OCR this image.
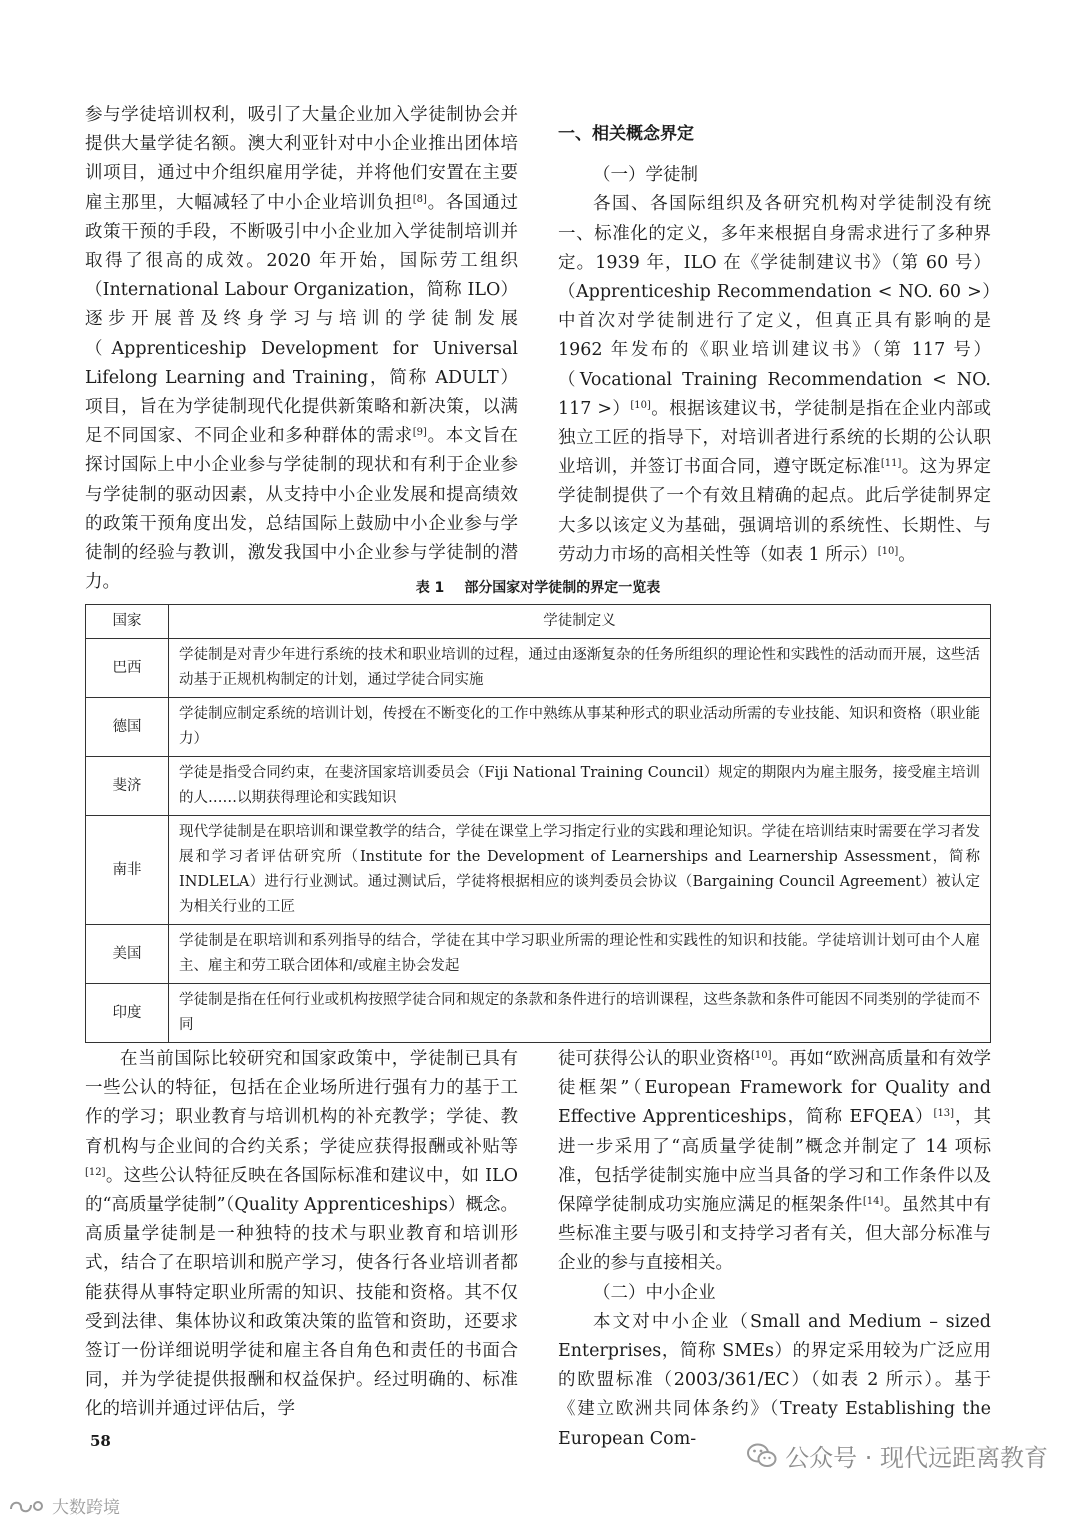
参与学徒培训权利，吸引了大量企业加入学徒制协会并提供大量学徒名额。澳大利亚针对中小企业推出团体培训项目，通过中介组织雇用学徒，并将他们安置在主要雇主那里，大幅减轻了中小企业培训负担[8]。各国通过政策干预的手段，不断吸引中小企业加入学徒制培训并取得了很高的成效。2020 年开始，国际劳工组织（International Labour Organization，简称 ILO）逐步开展普及终身学习与培训的学徒制发展（Apprenticeship Development for Universal Lifelong Learning and Training，简称 ADULT）项目，旨在为学徒制现代化提供新策略和新决策，以满足不同国家、不同企业和多种群体的需求[9]。本文旨在探讨国际上中小企业参与学徒制的现状和有利于企业参与学徒制的驱动因素，从支持中小企业发展和提高绩效的政策干预角度出发，总结国际上鼓励中小企业参与学徒制的经验与教训，激发我国中小企业参与学徒制的潜力。

一、相关概念界定

（一）学徒制

各国、各国际组织及各研究机构对学徒制没有统一、标准化的定义，多年来根据自身需求进行了多种界定。1939 年，ILO 在《学徒制建议书》（第 60 号）（Apprenticeship Recommendation < NO. 60 >）中首次对学徒制进行了定义，但真正具有影响的是 1962 年发布的《职业培训建议书》（第 117 号）（Vocational Training Recommendation < NO. 117 >）[10]。根据该建议书，学徒制是指在企业内部或独立工匠的指导下，对培训者进行系统的长期的公认职业培训，并签订书面合同，遵守既定标准[11]。这为界定学徒制提供了一个有效且精确的起点。此后学徒制界定大多以该定义为基础，强调培训的系统性、长期性、与劳动力市场的高相关性等（如表 1 所示）[10]。

表 1 部分国家对学徒制的界定一览表
国家	学徒制定义
巴西	学徒制是对青少年进行系统的技术和职业培训的过程，通过由逐渐复杂的任务所组织的理论性和实践性的活动而开展，这些活动基于正规机构制定的计划，通过学徒合同实施
德国	学徒制应制定系统的培训计划，传授在不断变化的工作中熟练从事某种形式的职业活动所需的专业技能、知识和资格（职业能力）
斐济	学徒是指受合同约束，在斐济国家培训委员会（Fiji National Training Council）规定的期限内为雇主服务，接受雇主培训的人……以期获得理论和实践知识
南非	现代学徒制是在职培训和课堂教学的结合，学徒在课堂上学习指定行业的实践和理论知识。学徒在培训结束时需要在学习者发展和学习者评估研究所（Institute for the Development of Learnerships and Learnership Assessment，简称 INDLELA）进行行业测试。通过测试后，学徒将根据相应的谈判委员会协议（Bargaining Council Agreement）被认定为相关行业的工匠
美国	学徒制是在职培训和系列指导的结合，学徒在其中学习职业所需的理论性和实践性的知识和技能。学徒培训计划可由个人雇主、雇主和劳工联合团体和/或雇主协会发起
印度	学徒制是指在任何行业或机构按照学徒合同和规定的条款和条件进行的培训课程，这些条款和条件可能因不同类别的学徒而不同

在当前国际比较研究和国家政策中，学徒制已具有一些公认的特征，包括在企业场所进行强有力的基于工作的学习；职业教育与培训机构的补充教学；学徒、教育机构与企业间的合约关系；学徒应获得报酬或补贴等[12]。这些公认特征反映在各国际标准和建议中，如 ILO 的“高质量学徒制”（Quality Apprenticeships）概念。高质量学徒制是一种独特的技术与职业教育和培训形式，结合了在职培训和脱产学习，使各行各业培训者都能获得从事特定职业所需的知识、技能和资格。其不仅受到法律、集体协议和政策决策的监管和资助，还要求签订一份详细说明学徒和雇主各自角色和责任的书面合同，并为学徒提供报酬和权益保护。经过明确的、标准化的培训并通过评估后，学

徒可获得公认的职业资格[10]。再如“欧洲高质量和有效学徒框架”（European Framework for Quality and Effective Apprenticeships，简称 EFQEA）[13]，其进一步采用了“高质量学徒制”概念并制定了 14 项标准，包括学徒制实施中应当具备的学习和工作条件以及保障学徒制成功实施应满足的框架条件[14]。虽然其中有些标准主要与吸引和支持学习者有关，但大部分标准与企业的参与直接相关。

（二）中小企业

本文对中小企业（Small and Medium – sized Enterprises，简称 SMEs）的界定采用较为广泛应用的欧盟标准（2003/361/EC）（如表 2 所示）。基于《建立欧洲共同体条约》（Treaty Establishing the European Com-

58
公众号 · 现代远距离教育
大数跨境
